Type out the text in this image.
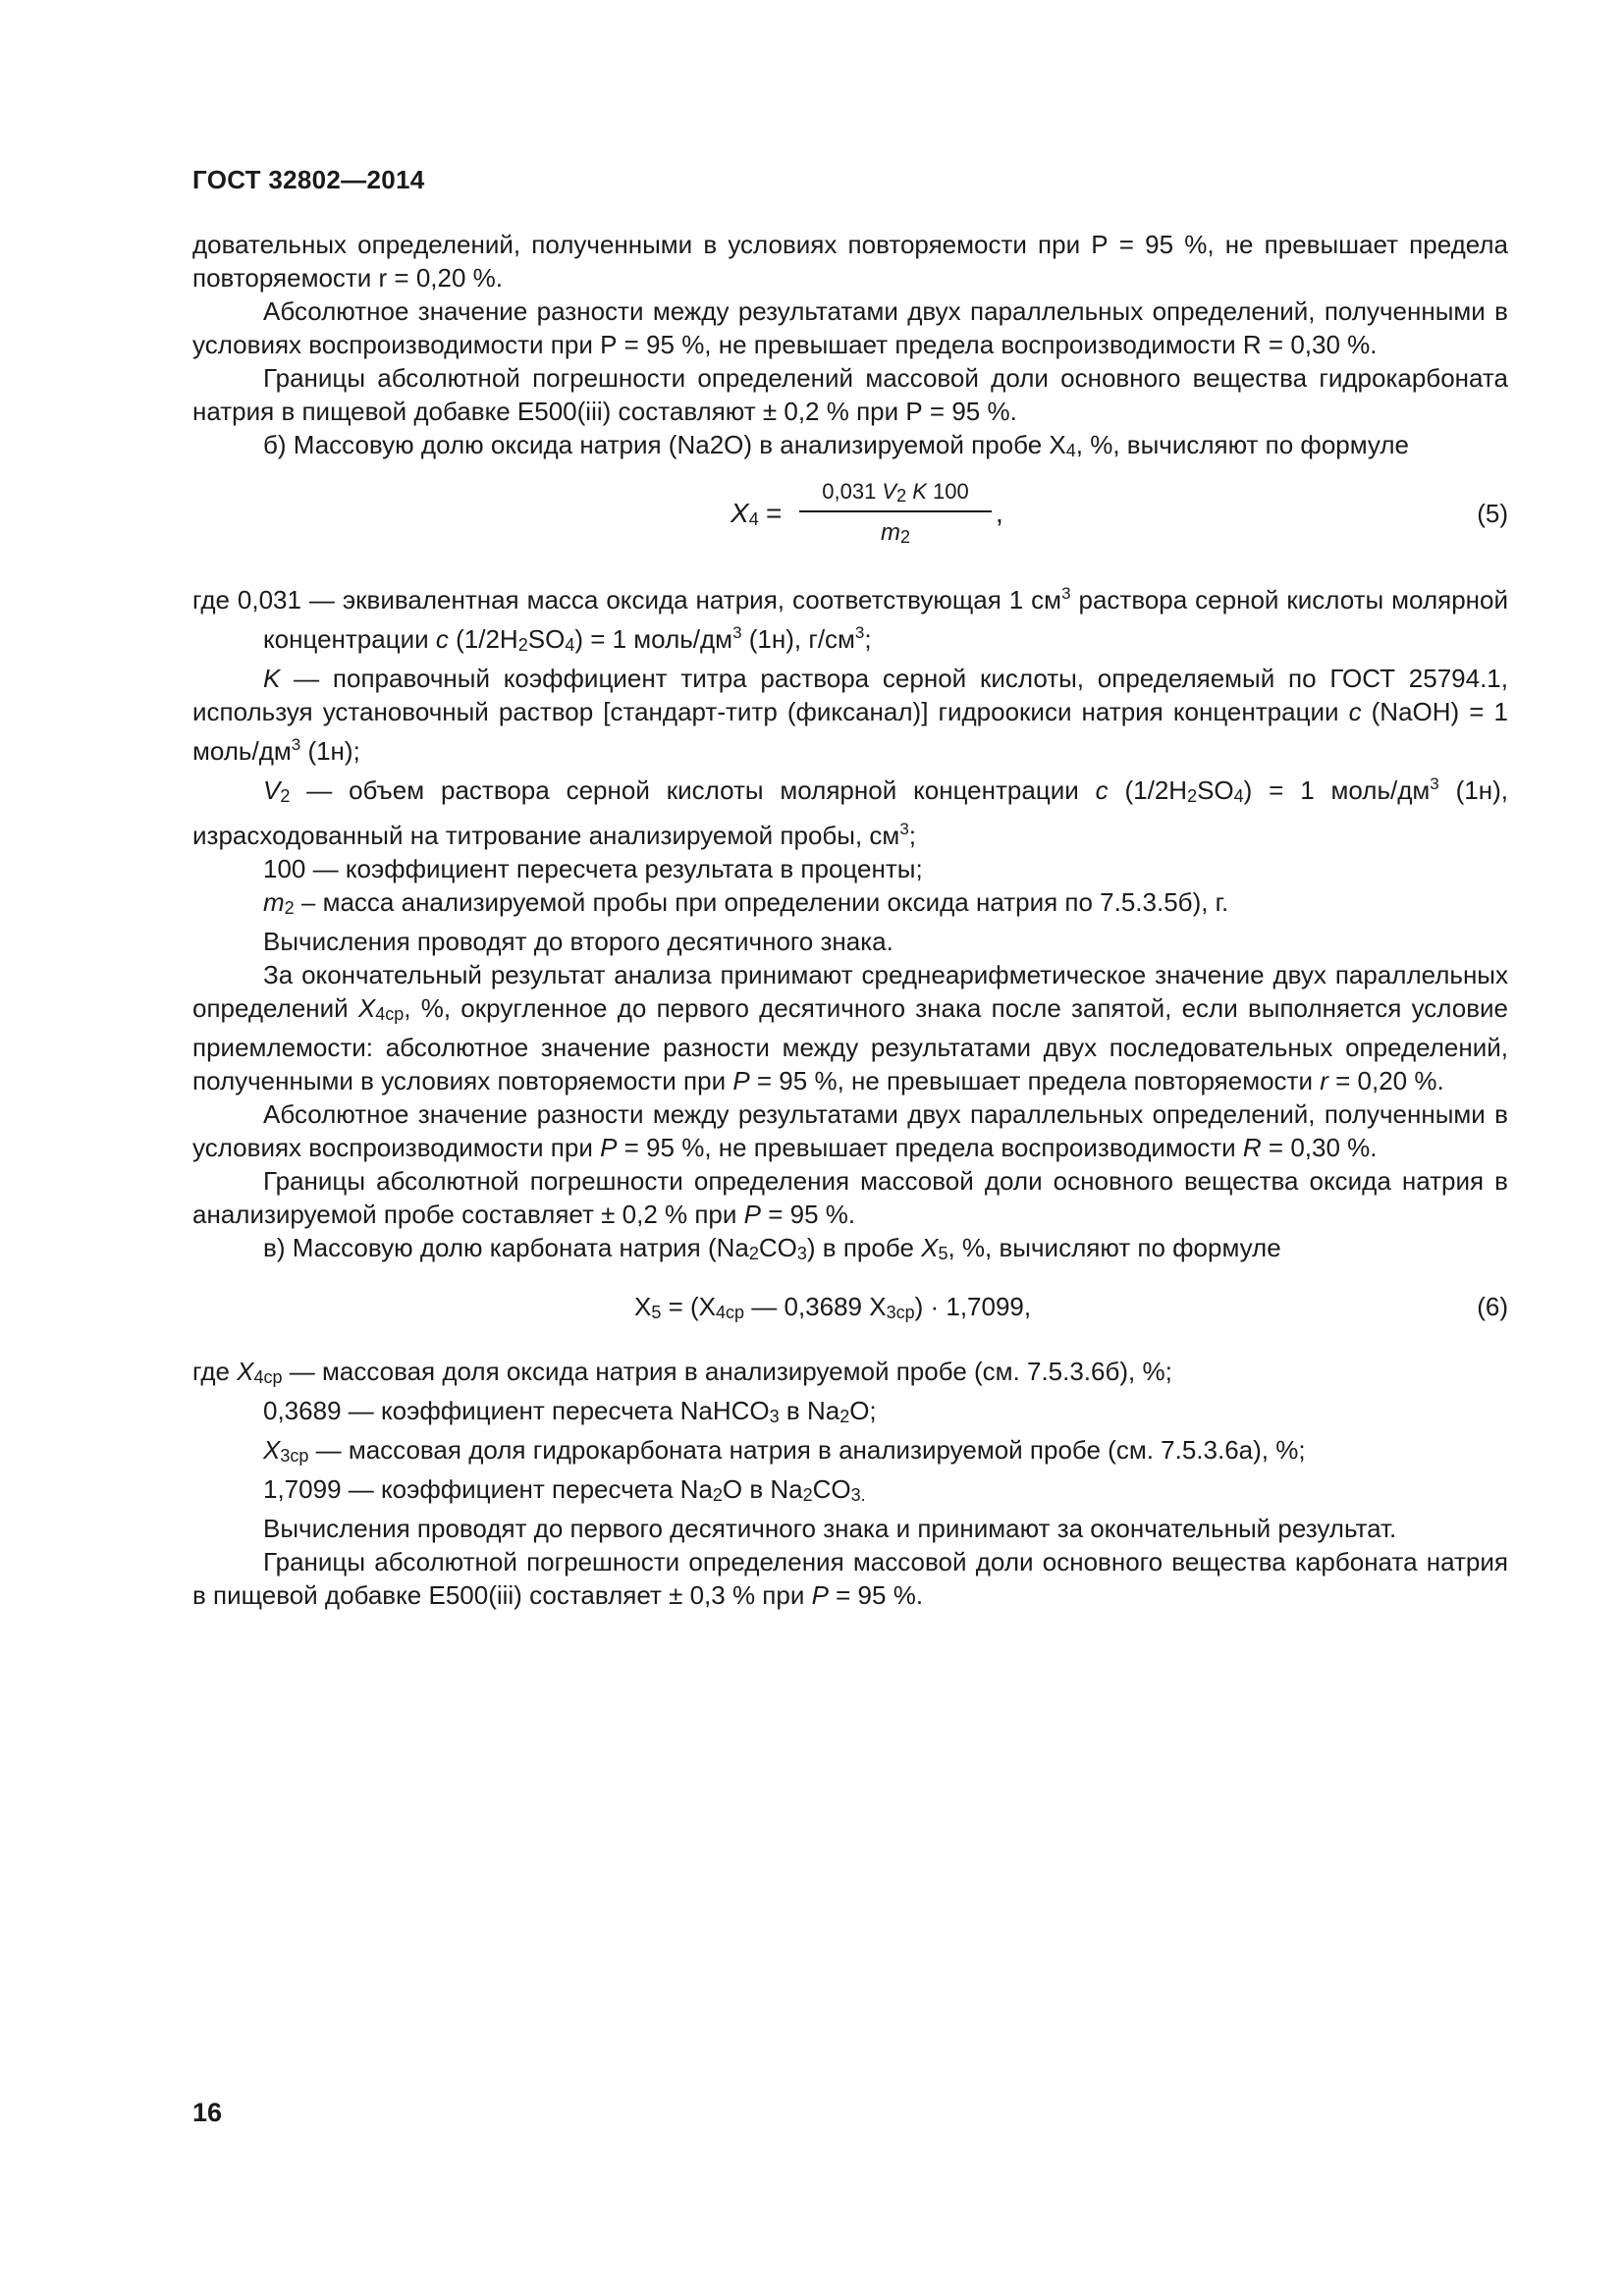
ГОСТ 32802—2014

довательных определений, полученными в условиях повторяемости при Р = 95 %, не превышает предела повторяемости r = 0,20 %.

Абсолютное значение разности между результатами двух параллельных определений, полученными в условиях воспроизводимости при Р = 95 %, не превышает предела воспроизводимости R = 0,30 %.

Границы абсолютной погрешности определений массовой доли основного вещества гидрокарбоната натрия в пищевой добавке Е500(iii) составляют ± 0,2 % при Р = 95 %.

б) Массовую долю оксида натрия (Na2O) в анализируемой пробе X4, %, вычисляют по формуле

X4 =
0,031 V2 K 100
m2
,	(5)

где 0,031 — эквивалентная масса оксида натрия, соответствующая 1 $см^3$ раствора серной кислоты молярной концентрации c (1/2H2SO4) = 1 моль/$дм^3$ (1н), $г/см^3$;

K — поправочный коэффициент титра раствора серной кислоты, определяемый по ГОСТ 25794.1, используя установочный раствор [стандарт-титр (фиксанал)] гидроокиси натрия концентрации c (NaOH) = 1 моль/$дм^3$ (1н);

V2 — объем раствора серной кислоты молярной концентрации c (1/2H2SO4) = 1 моль/$дм^3$ (1н), израсходованный на титрование анализируемой пробы, $см^3$;

100 — коэффициент пересчета результата в проценты;

m2 – масса анализируемой пробы при определении оксида натрия по 7.5.3.5б), г.

Вычисления проводят до второго десятичного знака.

За окончательный результат анализа принимают среднеарифметическое значение двух параллельных определений X4ср, %, округленное до первого десятичного знака после запятой, если выполняется условие приемлемости: абсолютное значение разности между результатами двух последовательных определений, полученными в условиях повторяемости при P = 95 %, не превышает предела повторяемости r = 0,20 %.

Абсолютное значение разности между результатами двух параллельных определений, полученными в условиях воспроизводимости при P = 95 %, не превышает предела воспроизводимости R = 0,30 %.

Границы абсолютной погрешности определения массовой доли основного вещества оксида натрия в анализируемой пробе составляет ± 0,2 % при P = 95 %.

в) Массовую долю карбоната натрия (Na2CO3) в пробе X5, %, вычисляют по формуле

X5 = (X4ср — 0,3689 X3ср) · 1,7099,	(6)

где X4ср — массовая доля оксида натрия в анализируемой пробе (см. 7.5.3.6б), %;

0,3689 — коэффициент пересчета NaHCO3 в Na2O;

X3ср — массовая доля гидрокарбоната натрия в анализируемой пробе (см. 7.5.3.6а), %;

1,7099 — коэффициент пересчета Na2O в Na2CO3.

Вычисления проводят до первого десятичного знака и принимают за окончательный результат.

Границы абсолютной погрешности определения массовой доли основного вещества карбоната натрия в пищевой добавке Е500(iii) составляет ± 0,3 % при P = 95 %.

16
